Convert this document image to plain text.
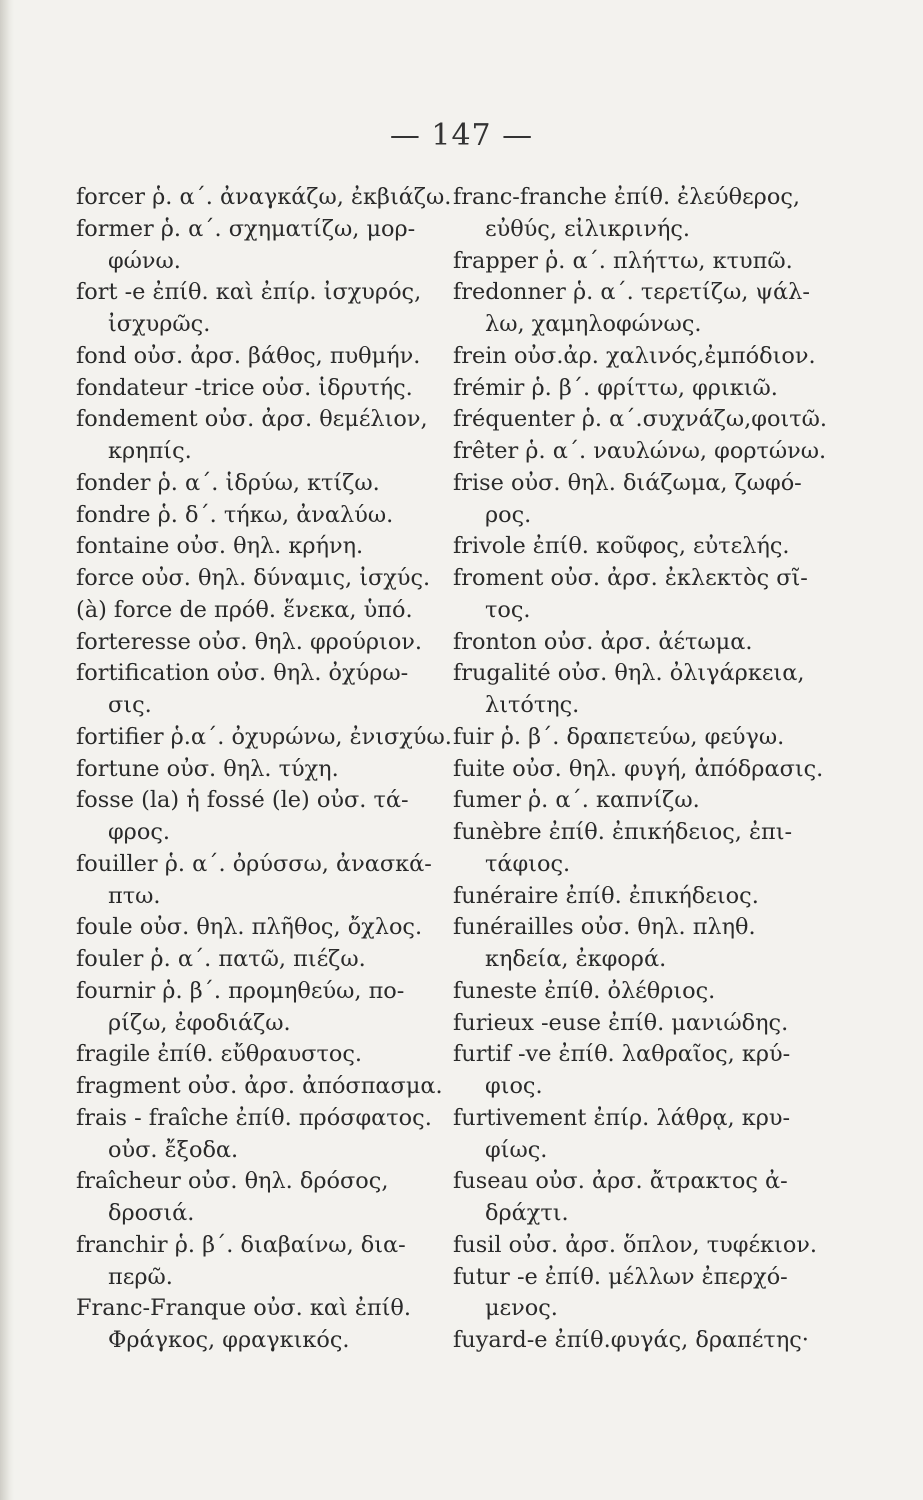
— 147 —
forcer ῥ. α΄. ἀναγκάζω, ἐκβιάζω.
former ῥ. α΄. σχηματίζω, μορ-
φώνω.
fort -e ἐπίθ. καὶ ἐπίρ. ἰσχυρός,
ἰσχυρῶς.
fond οὐσ. ἀρσ. βάθος, πυθμήν.
fondateur -trice οὐσ. ἱδρυτής.
fondement οὐσ. ἀρσ. θεμέλιον,
κρηπίς.
fonder ῥ. α΄. ἱδρύω, κτίζω.
fondre ῥ. δ΄. τήκω, ἀναλύω.
fontaine οὐσ. θηλ. κρήνη.
force οὐσ. θηλ. δύναμις, ἰσχύς.
(à) force de πρόθ. ἕνεκα, ὑπό.
forteresse οὐσ. θηλ. φρούριον.
fortification οὐσ. θηλ. ὀχύρω-
σις.
fortifier ῥ.α΄. ὀχυρώνω, ἐνισχύω.
fortune οὐσ. θηλ. τύχη.
fosse (la) ἡ fossé (le) οὐσ. τά-
φρος.
fouiller ῥ. α΄. ὀρύσσω, ἀνασκά-
πτω.
foule οὐσ. θηλ. πλῆθος, ὄχλος.
fouler ῥ. α΄. πατῶ, πιέζω.
fournir ῥ. β΄. προμηθεύω, πο-
ρίζω, ἐφοδιάζω.
fragile ἐπίθ. εὔθραυστος.
fragment οὐσ. ἀρσ. ἀπόσπασμα.
frais - fraîche ἐπίθ. πρόσφατος.
οὐσ. ἔξοδα.
fraîcheur οὐσ. θηλ. δρόσος,
δροσιά.
franchir ῥ. β΄. διαβαίνω, δια-
περῶ.
Franc-Franque οὐσ. καὶ ἐπίθ.
Φράγκος, φραγκικός.
franc-franche ἐπίθ. ἐλεύθερος,
εὐθύς, εἰλικρινής.
frapper ῥ. α΄. πλήττω, κτυπῶ.
fredonner ῥ. α΄. τερετίζω, ψάλ-
λω, χαμηλοφώνως.
frein οὐσ.ἀρ. χαλινός,ἐμπόδιον.
frémir ῥ. β΄. φρίττω, φρικιῶ.
fréquenter ῥ. α΄.συχνάζω,φοιτῶ.
frêter ῥ. α΄. ναυλώνω, φορτώνω.
frise οὐσ. θηλ. διάζωμα, ζωφό-
ρος.
frivole ἐπίθ. κοῦφος, εὐτελής.
froment οὐσ. ἀρσ. ἐκλεκτὸς σῖ-
τος.
fronton οὐσ. ἀρσ. ἀέτωμα.
frugalité οὐσ. θηλ. ὀλιγάρκεια,
λιτότης.
fuir ῥ. β΄. δραπετεύω, φεύγω.
fuite οὐσ. θηλ. φυγή, ἀπόδρασις.
fumer ῥ. α΄. καπνίζω.
funèbre ἐπίθ. ἐπικήδειος, ἐπι-
τάφιος.
funéraire ἐπίθ. ἐπικήδειος.
funérailles οὐσ. θηλ. πληθ.
κηδεία, ἐκφορά.
funeste ἐπίθ. ὀλέθριος.
furieux -euse ἐπίθ. μανιώδης.
furtif -ve ἐπίθ. λαθραῖος, κρύ-
φιος.
furtivement ἐπίρ. λάθρᾳ, κρυ-
φίως.
fuseau οὐσ. ἀρσ. ἄτρακτος ἀ-
δράχτι.
fusil οὐσ. ἀρσ. ὅπλον, τυφέκιον.
futur -e ἐπίθ. μέλλων ἐπερχό-
μενος.
fuyard-e ἐπίθ.φυγάς, δραπέτης·
